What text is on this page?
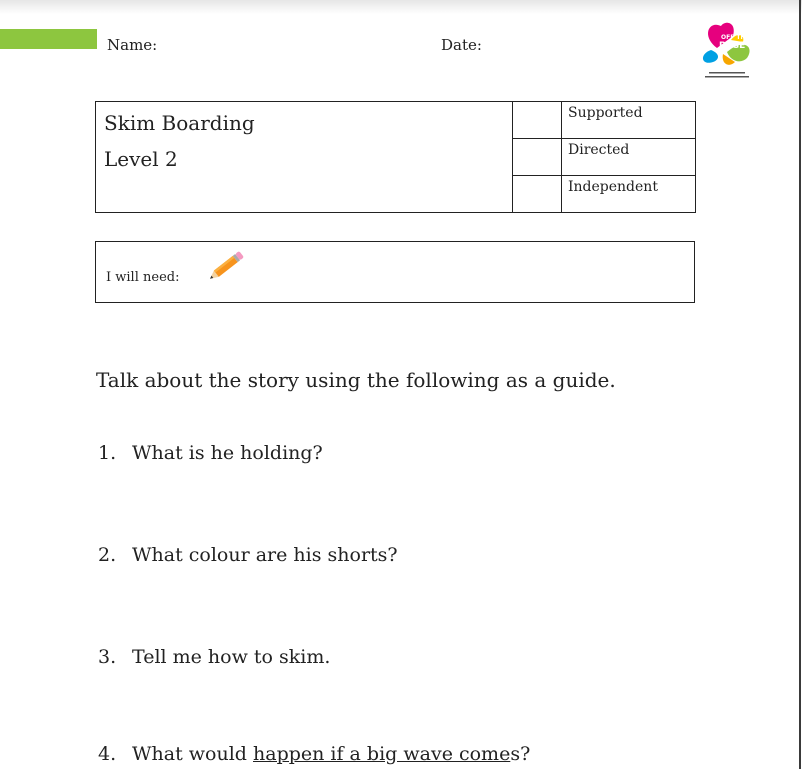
Name:	Date:	OFF THE
PAGE
Skim Boarding
Level 2		Supported
		Directed
		Independent
I will need:
Talk about the story using the following as a guide.
1. What is he holding?
2. What colour are his shorts?
3. Tell me how to skim.
4. What would happen if a big wave comes?
